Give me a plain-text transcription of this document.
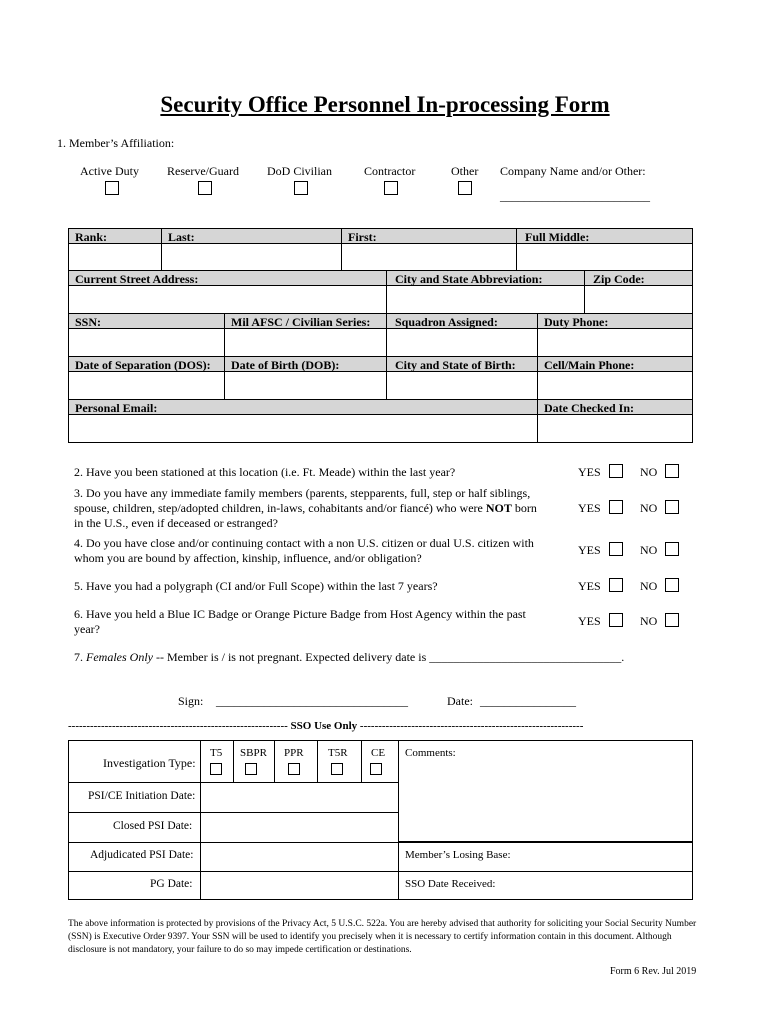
Security Office Personnel In-processing Form
1. Member’s Affiliation:
Active Duty Reserve/Guard DoD Civilian	Contractor	Other Company Name and/or Other:
_________________________
Rank:	Last:	First:	Full Middle:
Current Street Address:	City and State Abbreviation:	Zip Code:
SSN:	Mil AFSC / Civilian Series:	Squadron Assigned:	Duty Phone:
Date of Separation (DOS):	Date of Birth (DOB):	City and State of Birth:	Cell/Main Phone:
Personal Email:	Date Checked In:
2. Have you been stationed at this location (i.e. Ft. Meade) within the last year?	YES	NO
3. Do you have any immediate family members (parents, stepparents, full, step or half siblings,
spouse, children, step/adopted children, in-laws, cohabitants and/or fiancé) who were NOT born
in the U.S., even if deceased or estranged?
YES	NO
4. Do you have close and/or continuing contact with a non U.S. citizen or dual U.S. citizen with
whom you are bound by affection, kinship, influence, and/or obligation?
YES	NO
5. Have you had a polygraph (CI and/or Full Scope) within the last 7 years?	YES	NO
6. Have you held a Blue IC Badge or Orange Picture Badge from Host Agency within the past
year?
YES	NO
7. Females Only -- Member is / is not pregnant. Expected delivery date is ________________________________.
Sign: ________________________________	Date: ________________
------------------------------------------------------------ SSO Use Only -------------------------------------------------------------
Investigation Type:
T5 SBPR PPR T5R CE Comments:
PSI/CE Initiation Date:
Closed PSI Date:
Adjudicated PSI Date:	Member’s Losing Base:
PG Date:	SSO Date Received:
The above information is protected by provisions of the Privacy Act, 5 U.S.C. 522a. You are hereby advised that authority for soliciting your Social Security Number (SSN) is Executive Order 9397. Your SSN will be used to identify you precisely when it is necessary to certify information contain in this document. Although disclosure is not mandatory, your failure to do so may impede certification or destinations.
Form 6 Rev. Jul 2019
